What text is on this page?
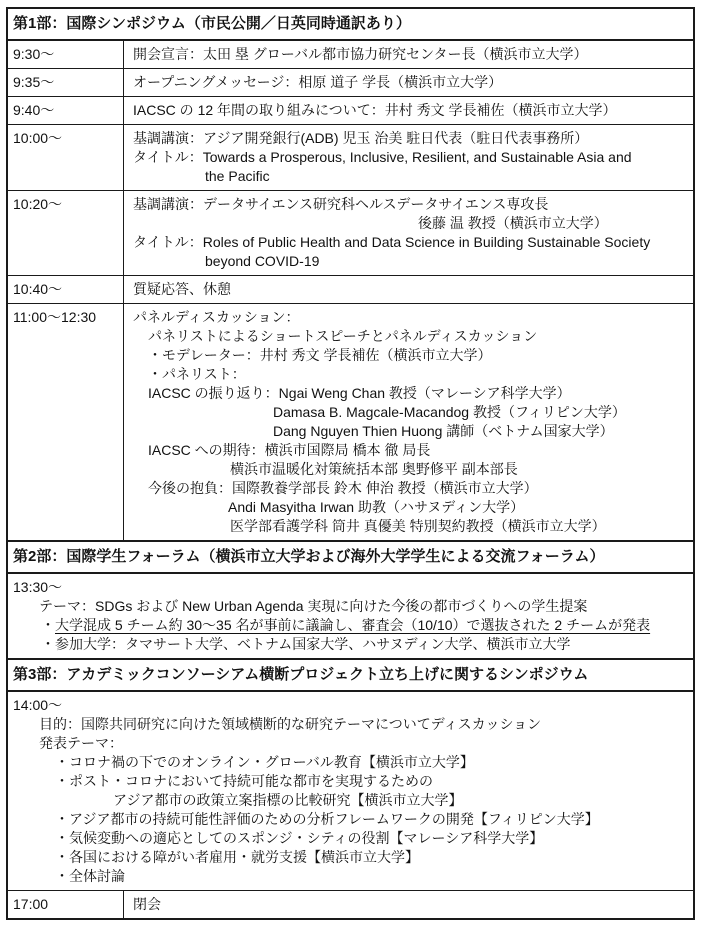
第1部：国際シンポジウム（市民公開／日英同時通訳あり）
9:30～	開会宣言：太田 塁 グローバル都市協力研究センター長（横浜市立大学）
9:35～	オープニングメッセージ：相原 道子 学長（横浜市立大学）
9:40～	IACSC の 12 年間の取り組みについて：井村 秀文 学長補佐（横浜市立大学）
10:00～	基調講演：アジア開発銀行(ADB) 児玉 治美 駐日代表（駐日代表事務所）
タイトル：Towards a Prosperous, Inclusive, Resilient, and Sustainable Asia and
the Pacific
10:20～	基調講演：データサイエンス研究科ヘルスデータサイエンス専攻長
後藤 温 教授（横浜市立大学）
タイトル：Roles of Public Health and Data Science in Building Sustainable Society
beyond COVID-19
10:40～	質疑応答、休憩
11:00～12:30	パネルディスカッション：
パネリストによるショートスピーチとパネルディスカッション
・モデレーター：井村 秀文 学長補佐（横浜市立大学）
・パネリスト：
IACSC の振り返り：Ngai Weng Chan 教授（マレーシア科学大学）
Damasa B. Magcale-Macandog 教授（フィリピン大学）
Dang Nguyen Thien Huong 講師（ベトナム国家大学）
IACSC への期待：横浜市国際局 橋本 徹 局長
横浜市温暖化対策統括本部 奥野修平 副本部長
今後の抱負：国際教養学部長 鈴木 伸治 教授（横浜市立大学）
Andi Masyitha Irwan 助教（ハサヌディン大学）
医学部看護学科 筒井 真優美 特別契約教授（横浜市立大学）
第2部：国際学生フォーラム（横浜市立大学および海外大学学生による交流フォーラム）
13:30～
テーマ：SDGs および New Urban Agenda 実現に向けた今後の都市づくりへの学生提案
・大学混成 5 チーム約 30～35 名が事前に議論し、審査会（10/10）で選抜された 2 チームが発表
・参加大学：タマサート大学、ベトナム国家大学、ハサヌディン大学、横浜市立大学
第3部：アカデミックコンソーシアム横断プロジェクト立ち上げに関するシンポジウム
14:00～
目的：国際共同研究に向けた領域横断的な研究テーマについてディスカッション
発表テーマ：
・コロナ禍の下でのオンライン・グローバル教育【横浜市立大学】
・ポスト・コロナにおいて持続可能な都市を実現するための
アジア都市の政策立案指標の比較研究【横浜市立大学】
・アジア都市の持続可能性評価のための分析フレームワークの開発【フィリピン大学】
・気候変動への適応としてのスポンジ・シティの役割【マレーシア科学大学】
・各国における障がい者雇用・就労支援【横浜市立大学】
・全体討論
17:00	閉会
